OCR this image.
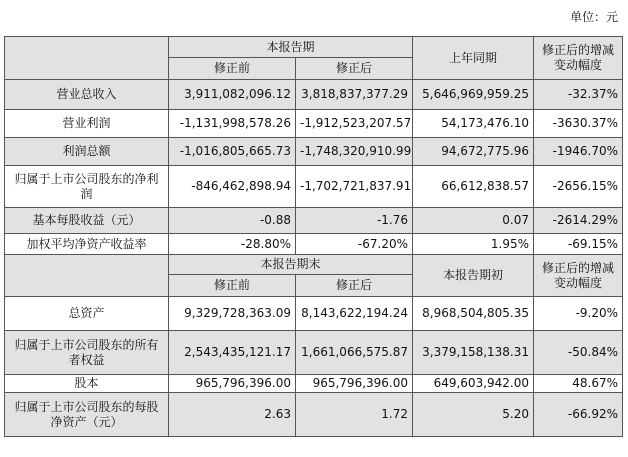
单位：元
	本报告期		上年同期	修正后的增减
变动幅度
	修正前	修正后		
营业总收入	3,911,082,096.12	3,818,837,377.29	5,646,969,959.25	-32.37%
营业利润	-1,131,998,578.26	-1,912,523,207.57	54,173,476.10	-3630.37%
利润总额	-1,016,805,665.73	-1,748,320,910.99	94,672,775.96	-1946.70%
归属于上市公司股东的净利润	-846,462,898.94	-1,702,721,837.91	66,612,838.57	-2656.15%
基本每股收益（元）	-0.88	-1.76	0.07	-2614.29%
加权平均净资产收益率	-28.80%	-67.20%	1.95%	-69.15%
	本报告期末		本报告期初	修正后的增减
变动幅度
	修正前	修正后		
总资产	9,329,728,363.09	8,143,622,194.24	8,968,504,805.35	-9.20%
归属于上市公司股东的所有者权益	2,543,435,121.17	1,661,066,575.87	3,379,158,138.31	-50.84%
股本	965,796,396.00	965,796,396.00	649,603,942.00	48.67%
归属于上市公司股东的每股净资产（元）	2.63	1.72	5.20	-66.92%
